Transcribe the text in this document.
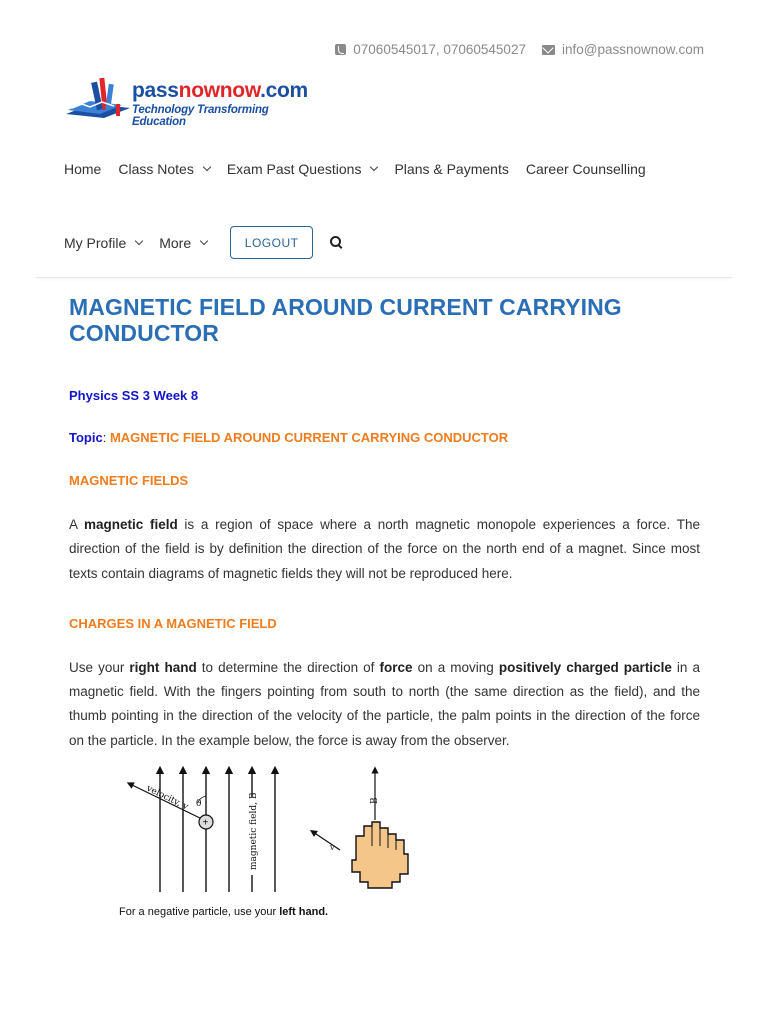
07060545017, 07060545027	info@passnownow.com
passnownow.com
Technology Transforming Education
Home Class Notes Exam Past Questions Plans & Payments Career Counselling
My Profile More	LOGOUT
MAGNETIC FIELD AROUND CURRENT CARRYING CONDUCTOR
Physics SS 3 Week 8
Topic: MAGNETIC FIELD AROUND CURRENT CARRYING CONDUCTOR
MAGNETIC FIELDS

A magnetic field is a region of space where a north magnetic monopole experiences a force. The direction of the field is by definition the direction of the force on the north end of a magnet. Since most texts contain diagrams of magnetic fields they will not be reproduced here.

CHARGES IN A MAGNETIC FIELD

Use your right hand to determine the direction of force on a moving positively charged particle in a magnetic field. With the fingers pointing from south to north (the same direction as the field), and the thumb pointing in the direction of the velocity of the particle, the palm points in the direction of the force on the particle. In the example below, the force is away from the observer.

velocity, v θ
+	magnetic field, B	B
v
For a negative particle, use your left hand.
